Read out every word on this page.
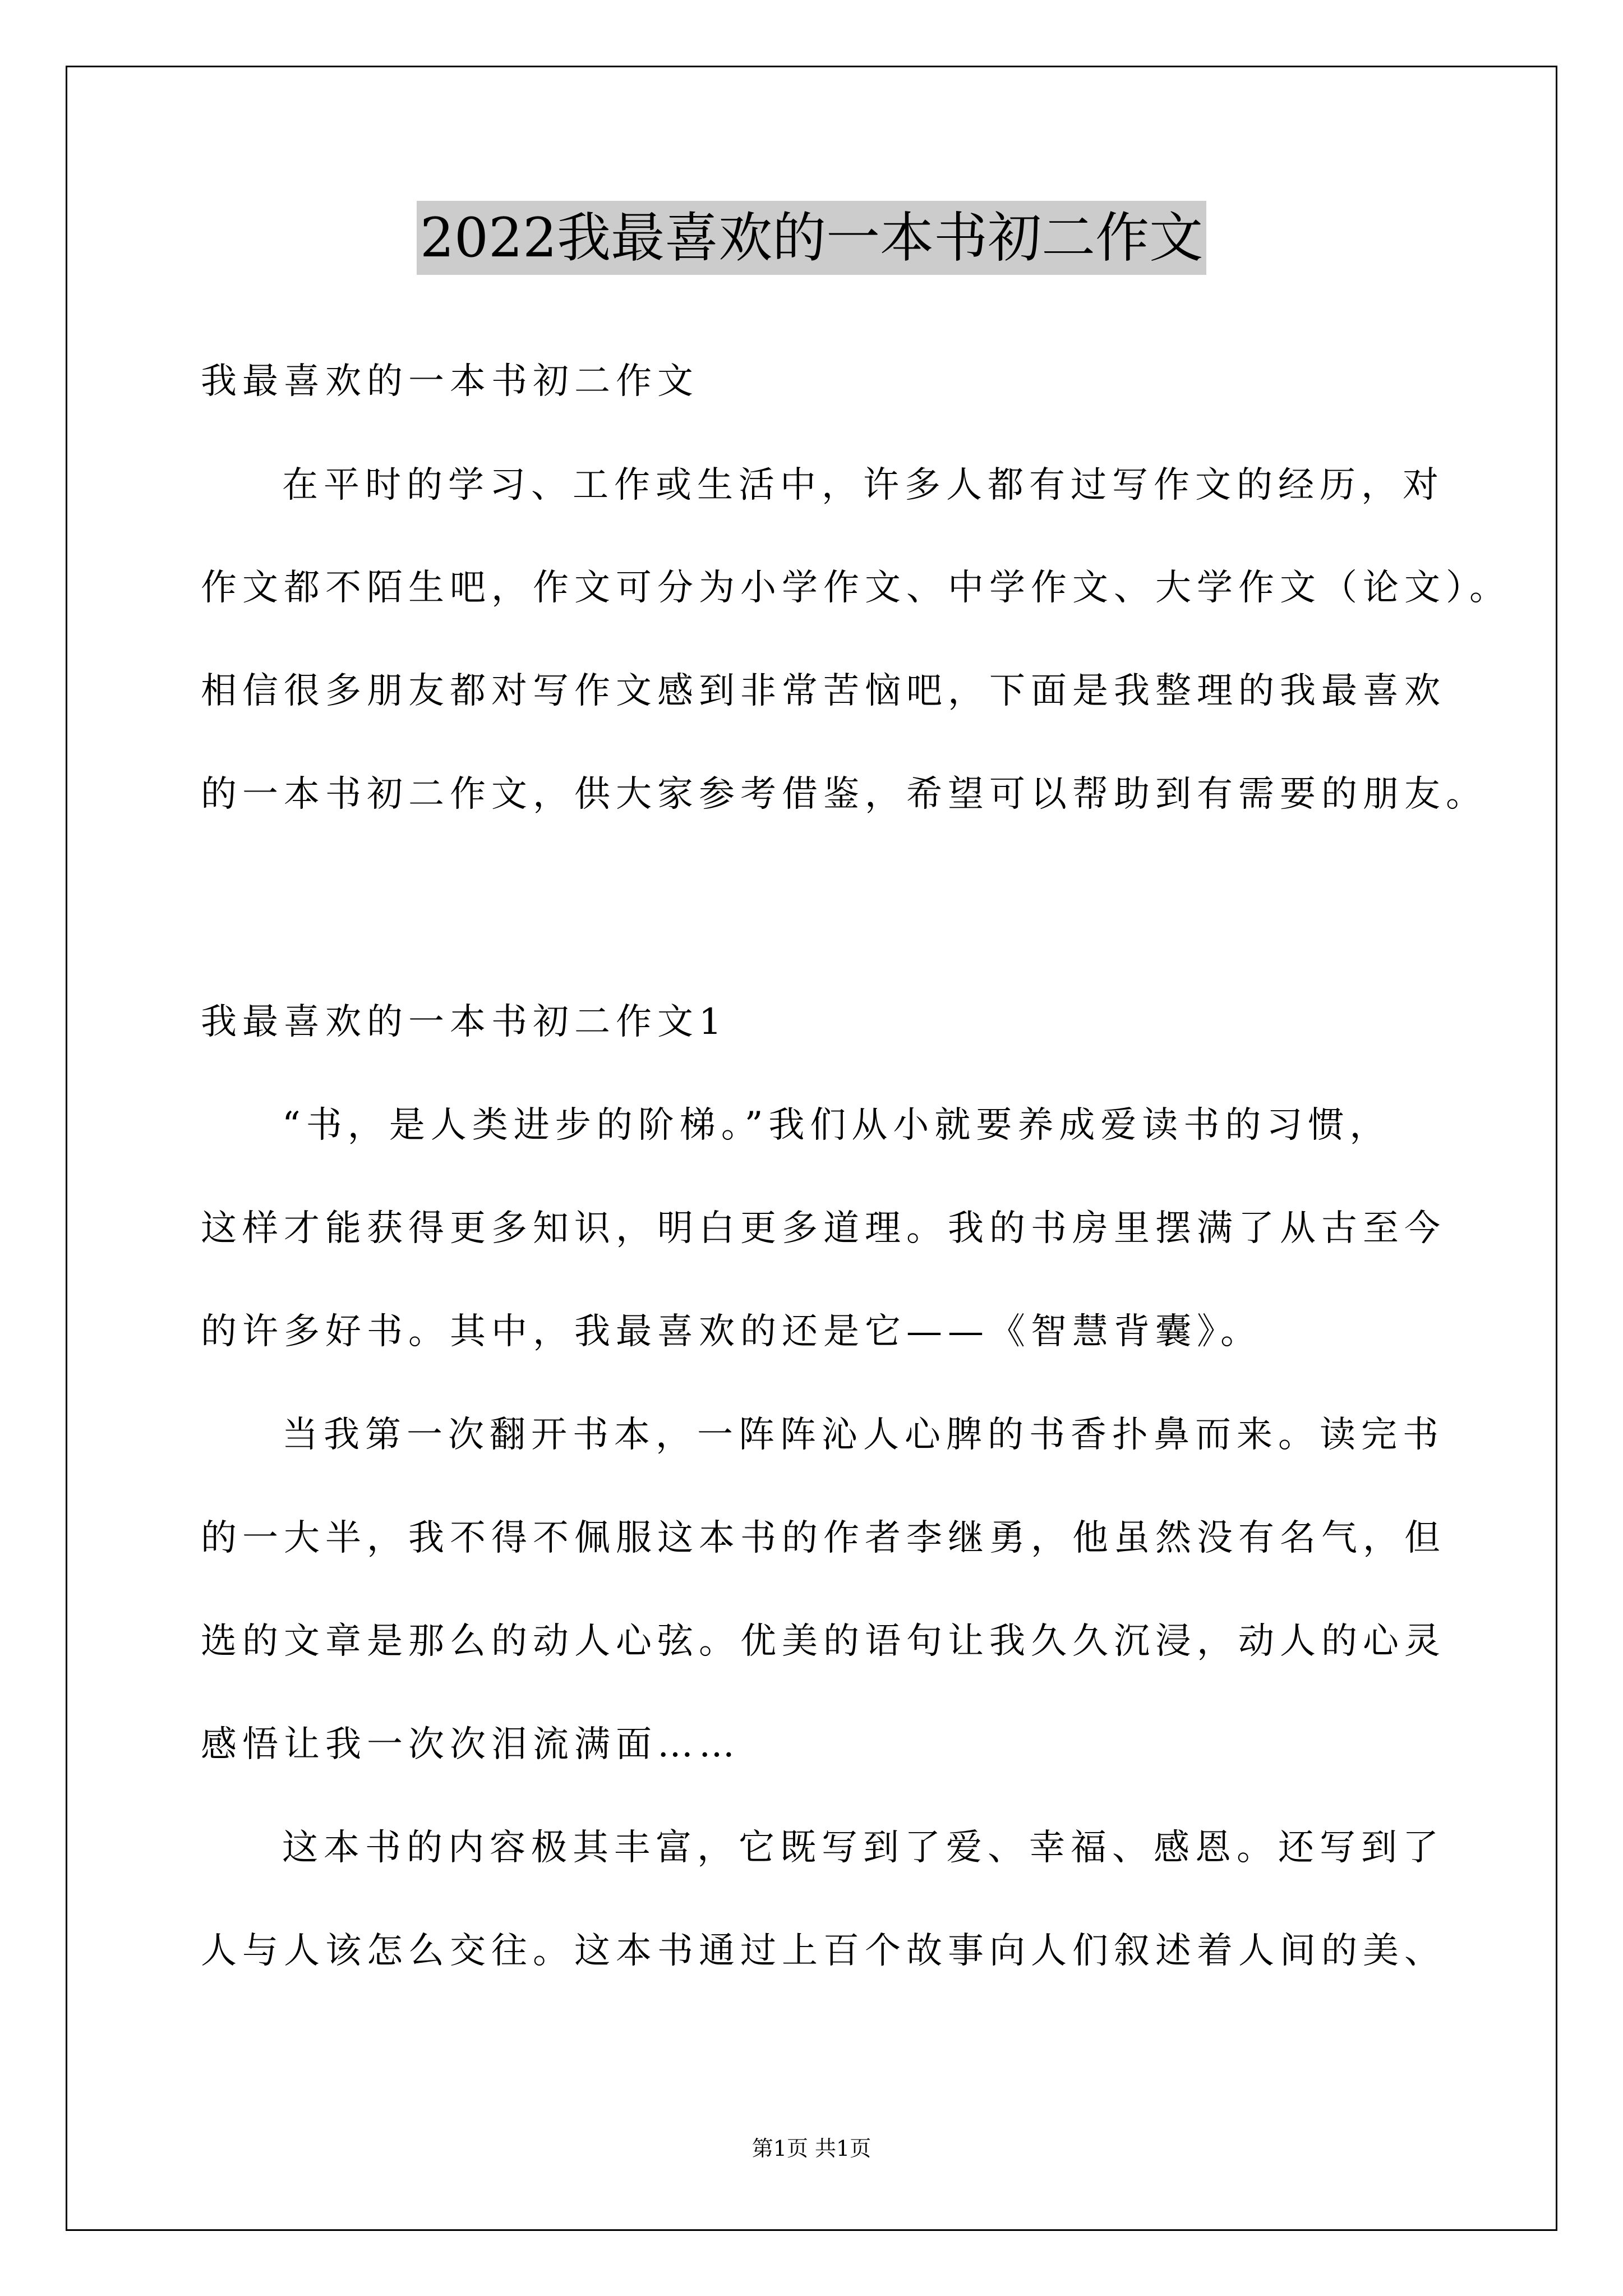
2022我最喜欢的一本书初二作文
我最喜欢的一本书初二作文
在平时的学习、工作或生活中，许多人都有过写作文的经历，对
作文都不陌生吧，作文可分为小学作文、中学作文、大学作文（论文）。
相信很多朋友都对写作文感到非常苦恼吧，下面是我整理的我最喜欢
的一本书初二作文，供大家参考借鉴，希望可以帮助到有需要的朋友。
我最喜欢的一本书初二作文1
“书，是人类进步的阶梯。”我们从小就要养成爱读书的习惯，
这样才能获得更多知识，明白更多道理。我的书房里摆满了从古至今
的许多好书。其中，我最喜欢的还是它——《智慧背囊》。
当我第一次翻开书本，一阵阵沁人心脾的书香扑鼻而来。读完书
的一大半，我不得不佩服这本书的作者李继勇，他虽然没有名气，但
选的文章是那么的动人心弦。优美的语句让我久久沉浸，动人的心灵
感悟让我一次次泪流满面……
这本书的内容极其丰富，它既写到了爱、幸福、感恩。还写到了
人与人该怎么交往。这本书通过上百个故事向人们叙述着人间的美、
第1页 共1页
